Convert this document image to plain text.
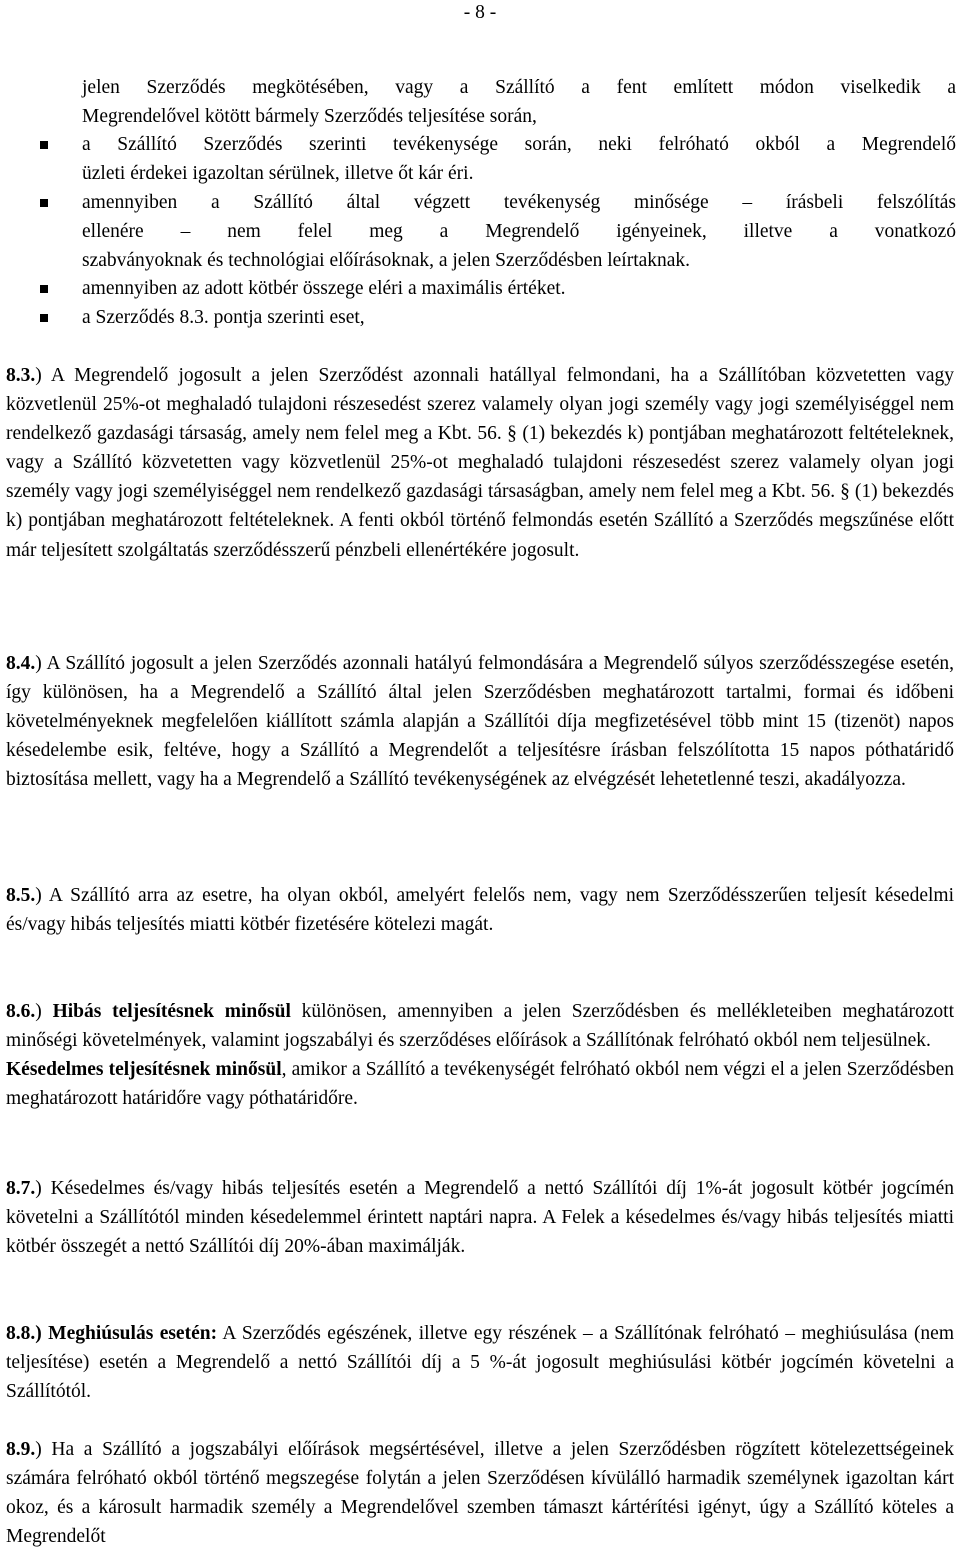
- 8 -
jelen Szerződés megkötésében, vagy a Szállító a fent említett módon viselkedik a
Megrendelővel kötött bármely Szerződés teljesítése során,
a Szállító Szerződés szerinti tevékenysége során, neki felróható okból a Megrendelő
üzleti érdekei igazoltan sérülnek, illetve őt kár éri.
amennyiben a Szállító által végzett tevékenység minősége – írásbeli felszólítás
ellenére – nem felel meg a Megrendelő igényeinek, illetve a vonatkozó
szabványoknak és technológiai előírásoknak, a jelen Szerződésben leírtaknak.
amennyiben az adott kötbér összege eléri a maximális értéket.
a Szerződés 8.3. pontja szerinti eset,

8.3.) A Megrendelő jogosult a jelen Szerződést azonnali hatállyal felmondani, ha a Szállítóban közvetetten vagy közvetlenül 25%-ot meghaladó tulajdoni részesedést szerez valamely olyan jogi személy vagy jogi személyiséggel nem rendelkező gazdasági társaság, amely nem felel meg a Kbt. 56. § (1) bekezdés k) pontjában meghatározott feltételeknek, vagy a Szállító közvetetten vagy közvetlenül 25%-ot meghaladó tulajdoni részesedést szerez valamely olyan jogi személy vagy jogi személyiséggel nem rendelkező gazdasági társaságban, amely nem felel meg a Kbt. 56. § (1) bekezdés k) pontjában meghatározott feltételeknek. A fenti okból történő felmondás esetén Szállító a Szerződés megszűnése előtt már teljesített szolgáltatás szerződésszerű pénzbeli ellenértékére jogosult.

8.4.) A Szállító jogosult a jelen Szerződés azonnali hatályú felmondására a Megrendelő súlyos szerződésszegése esetén, így különösen, ha a Megrendelő a Szállító által jelen Szerződésben meghatározott tartalmi, formai és időbeni követelményeknek megfelelően kiállított számla alapján a Szállítói díja megfizetésével több mint 15 (tizenöt) napos késedelembe esik, feltéve, hogy a Szállító a Megrendelőt a teljesítésre írásban felszólította 15 napos póthatáridő biztosítása mellett, vagy ha a Megrendelő a Szállító tevékenységének az elvégzését lehetetlenné teszi, akadályozza.

8.5.) A Szállító arra az esetre, ha olyan okból, amelyért felelős nem, vagy nem Szerződésszerűen teljesít késedelmi és/vagy hibás teljesítés miatti kötbér fizetésére kötelezi magát.

8.6.) Hibás teljesítésnek minősül különösen, amennyiben a jelen Szerződésben és mellékleteiben meghatározott minőségi követelmények, valamint jogszabályi és szerződéses előírások a Szállítónak felróható okból nem teljesülnek.
Késedelmes teljesítésnek minősül, amikor a Szállító a tevékenységét felróható okból nem végzi el a jelen Szerződésben meghatározott határidőre vagy póthatáridőre.

8.7.) Késedelmes és/vagy hibás teljesítés esetén a Megrendelő a nettó Szállítói díj 1%-át jogosult kötbér jogcímén követelni a Szállítótól minden késedelemmel érintett naptári napra. A Felek a késedelmes és/vagy hibás teljesítés miatti kötbér összegét a nettó Szállítói díj 20%-ában maximálják.

8.8.) Meghiúsulás esetén: A Szerződés egészének, illetve egy részének – a Szállítónak felróható – meghiúsulása (nem teljesítése) esetén a Megrendelő a nettó Szállítói díj a 5 %-át jogosult meghiúsulási kötbér jogcímén követelni a Szállítótól.

8.9.) Ha a Szállító a jogszabályi előírások megsértésével, illetve a jelen Szerződésben rögzített kötelezettségeinek számára felróható okból történő megszegése folytán a jelen Szerződésen kívülálló harmadik személynek igazoltan kárt okoz, és a károsult harmadik személy a Megrendelővel szemben támaszt kártérítési igényt, úgy a Szállító köteles a Megrendelőt
